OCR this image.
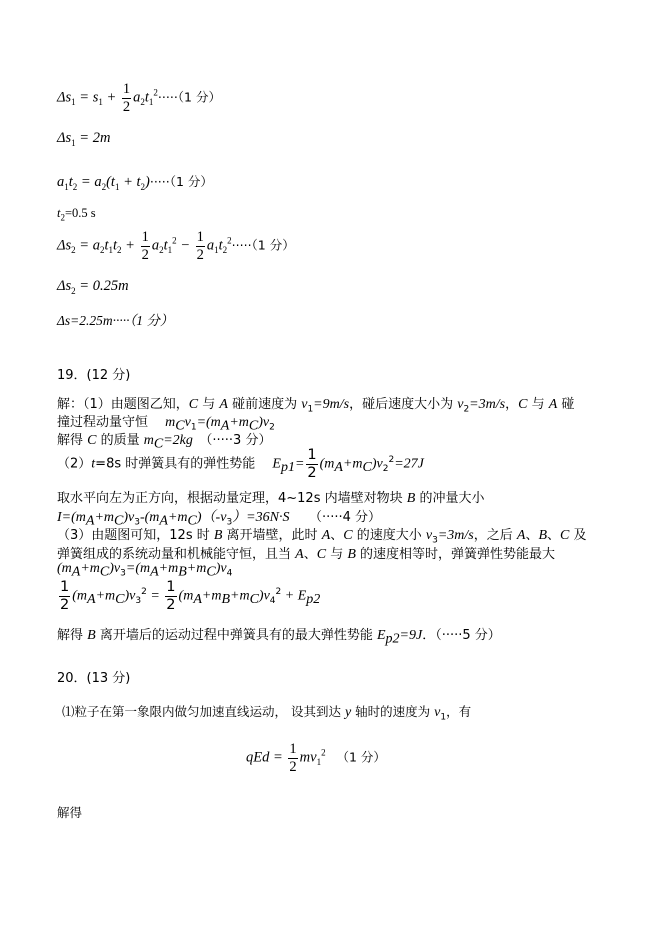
$\Delta s_1 = s_1 + \frac{1}{2} a_2t_1^2\cdot\cdot\cdot\cdot\cdot(1$ 分）
$\Delta s_1 = 2m$
$a_1t_2 = a_2(t_1 + t_2)\cdot\cdot\cdot\cdot\cdot(1$ 分）
$t_2=0.5$ s
$\Delta s_2 = a_2t_1t_2 + \frac{1}{2} a_2t_1^2 - \frac{1}{2} a_1t_2^2\cdot\cdot\cdot\cdot\cdot(1$ 分）
$\Delta s_2 = 0.25m$
Δs=2.25m·····（1 分）
19．(12 分)
解：（1）由题图乙知，C 与 A 碰前速度为 $v_1=9m/s$，碰后速度大小为 $v_2=3m/s$，C 与 A 碰
撞过程动量守恒　 $m_Cv_1=(m_A+m_C)v_2$
解得 C 的质量 $m_C=2kg$　（·····3 分）
（2）t=8s 时弹簧具有的弹性势能　 $E_{p1}= \frac{1}{2} (m_A+m_C)v_2^2=27J$
取水平向左为正方向，根据动量定理，4~12s 内墙壁对物块 B 的冲量大小
$I=(m_A+m_C)v_3-(m_A+m_C)(-v_3)=36N\cdot S$　　（·····4 分）
（3）由题图可知，12s 时 B 离开墙壁，此时 A、C 的速度大小 $v_3=3m/s$，之后 A、B、C 及
弹簧组成的系统动量和机械能守恒，且当 A、C 与 B 的速度相等时，弹簧弹性势能最大
$(m_A+m_C)v_3=(m_A+m_B+m_C)v_4$
$\frac{1}{2} (m_A+m_C)v_3^2 = \frac{1}{2} (m_A+m_B+m_C)v_4^2 + E_{p2}$
解得 B 离开墙后的运动过程中弹簧具有的最大弹性势能 $E_{p2}=9J$．（·····5 分）
20．(13 分)
⑴粒子在第一象限内做匀加速直线运动， 设其到达 y 轴时的速度为 $v_1$，有
qEd = $\frac{1}{2} mv_1^2$ （1 分）
解得
